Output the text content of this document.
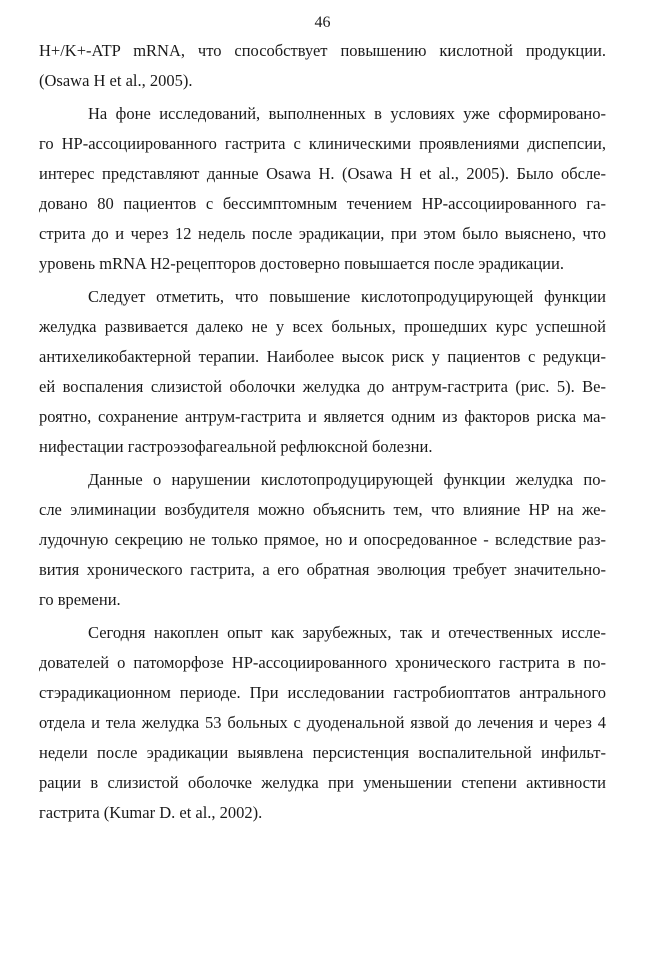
46
H+/K+-ATP mRNA, что способствует повышению кислотной продукции.
(Osawa H et al., 2005).
На фоне исследований, выполненных в условиях уже сформировано-
го HP-ассоциированного гастрита с клиническими проявлениями диспепсии,
интерес представляют данные Osawa H. (Osawa H et al., 2005). Было обсле-
довано 80 пациентов с бессимптомным течением HP-ассоциированного га-
стрита до и через 12 недель после эрадикации, при этом было выяснено, что
уровень mRNA H2-рецепторов достоверно повышается после эрадикации.
Следует отметить, что повышение кислотопродуцирующей функции
желудка развивается далеко не у всех больных, прошедших курс успешной
антихеликобактерной терапии. Наиболее высок риск у пациентов с редукци-
ей воспаления слизистой оболочки желудка до антрум-гастрита (рис. 5). Ве-
роятно, сохранение антрум-гастрита и является одним из факторов риска ма-
нифестации гастроэзофагеальной рефлюксной болезни.
Данные о нарушении кислотопродуцирующей функции желудка по-
сле элиминации возбудителя можно объяснить тем, что влияние HP на же-
лудочную секрецию не только прямое, но и опосредованное - вследствие раз-
вития хронического гастрита, а его обратная эволюция требует значительно-
го времени.
Сегодня накоплен опыт как зарубежных, так и отечественных иссле-
дователей о патоморфозе HP-ассоциированного хронического гастрита в по-
стэрадикационном периоде. При исследовании гастробиоптатов антрального
отдела и тела желудка 53 больных с дуоденальной язвой до лечения и через 4
недели после эрадикации выявлена персистенция воспалительной инфильт-
рации в слизистой оболочке желудка при уменьшении степени активности
гастрита (Kumar D. et al., 2002).
